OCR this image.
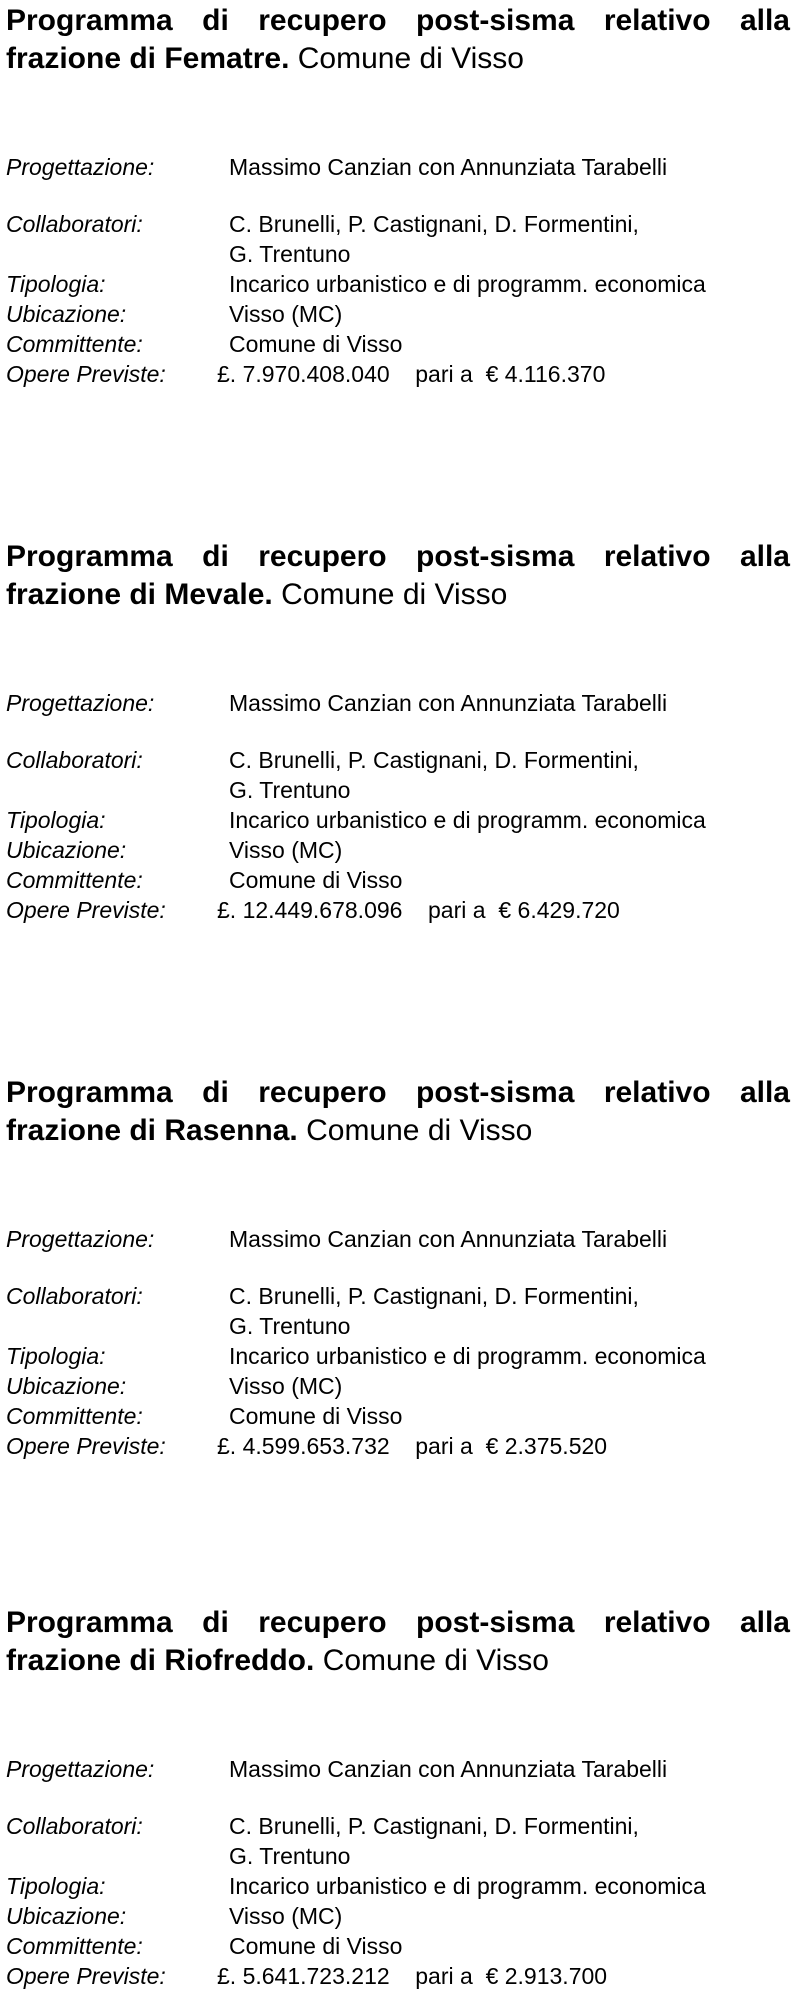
Programma di recupero post-sisma relativo alla frazione di Fematre. Comune di Visso

Progettazione:	Massimo Canzian con Annunziata Tarabelli
Collaboratori:	C. Brunelli, P. Castignani, D. Formentini,
G. Trentuno
Tipologia:	Incarico urbanistico e di programm. economica
Ubicazione:	Visso (MC)
Committente:	Comune di Visso
Opere Previste: £. 7.970.408.040 pari a € 4.116.370

Programma di recupero post-sisma relativo alla frazione di Mevale. Comune di Visso

Progettazione:	Massimo Canzian con Annunziata Tarabelli
Collaboratori:	C. Brunelli, P. Castignani, D. Formentini,
G. Trentuno
Tipologia:	Incarico urbanistico e di programm. economica
Ubicazione:	Visso (MC)
Committente:	Comune di Visso
Opere Previste: £. 12.449.678.096 pari a € 6.429.720

Programma di recupero post-sisma relativo alla frazione di Rasenna. Comune di Visso

Progettazione:	Massimo Canzian con Annunziata Tarabelli
Collaboratori:	C. Brunelli, P. Castignani, D. Formentini,
G. Trentuno
Tipologia:	Incarico urbanistico e di programm. economica
Ubicazione:	Visso (MC)
Committente:	Comune di Visso
Opere Previste: £. 4.599.653.732 pari a € 2.375.520

Programma di recupero post-sisma relativo alla frazione di Riofreddo. Comune di Visso

Progettazione:	Massimo Canzian con Annunziata Tarabelli
Collaboratori:	C. Brunelli, P. Castignani, D. Formentini,
G. Trentuno
Tipologia:	Incarico urbanistico e di programm. economica
Ubicazione:	Visso (MC)
Committente:	Comune di Visso
Opere Previste: £. 5.641.723.212 pari a € 2.913.700
